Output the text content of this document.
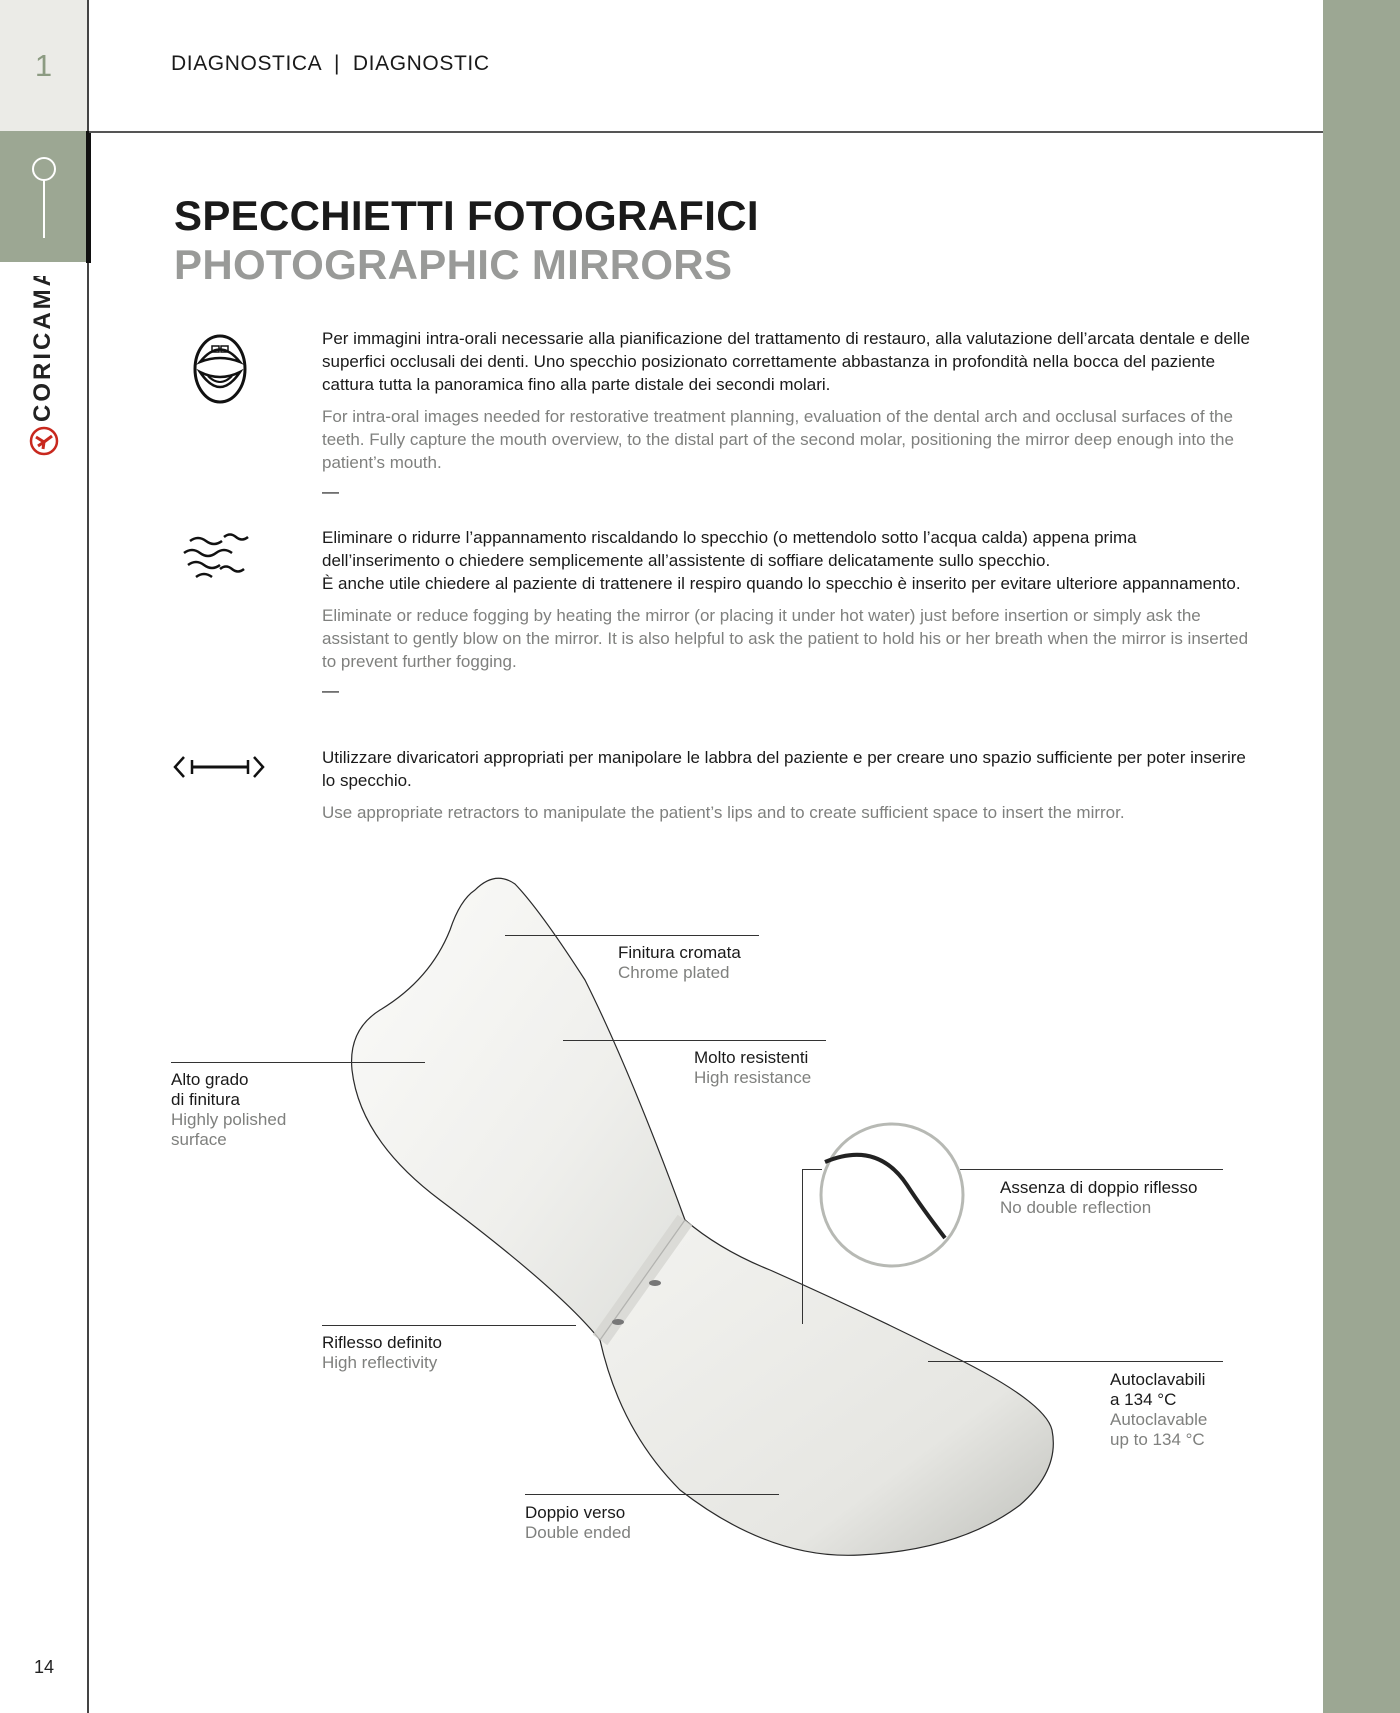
1
CORICAMA
14
DIAGNOSTICA  |  DIAGNOSTIC
SPECCHIETTI FOTOGRAFICI
PHOTOGRAPHIC MIRRORS

Per immagini intra-orali necessarie alla pianificazione del trattamento di restauro, alla valutazione dell’arcata dentale e delle superfici occlusali dei denti. Uno specchio posizionato correttamente abbastanza in profondità nella bocca del paziente cattura tutta la panoramica fino alla parte distale dei secondi molari.

For intra-oral images needed for restorative treatment planning, evaluation of the dental arch and occlusal surfaces of the teeth. Fully capture the mouth overview, to the distal part of the second molar, positioning the mirror deep enough into the patient’s mouth.

—

Eliminare o ridurre l’appannamento riscaldando lo specchio (o mettendolo sotto l’acqua calda) appena prima dell’inserimento o chiedere semplicemente all’assistente di soffiare delicatamente sullo specchio.
È anche utile chiedere al paziente di trattenere il respiro quando lo specchio è inserito per evitare ulteriore appannamento.

Eliminate or reduce fogging by heating the mirror (or placing it under hot water) just before insertion or simply ask the assistant to gently blow on the mirror. It is also helpful to ask the patient to hold his or her breath when the mirror is inserted to prevent further fogging.

—

Utilizzare divaricatori appropriati per manipolare le labbra del paziente e per creare uno spazio sufficiente per poter inserire lo specchio.

Use appropriate retractors to manipulate the patient’s lips and to create sufficient space to insert the mirror.

Finitura cromata
Chrome plated
Molto resistenti
High resistance
Alto grado
di finitura
Highly polished
surface
Assenza di doppio riflesso
No double reflection
Riflesso definito
High reflectivity
Autoclavabili
a 134 °C
Autoclavable
up to 134 °C
Doppio verso
Double ended
